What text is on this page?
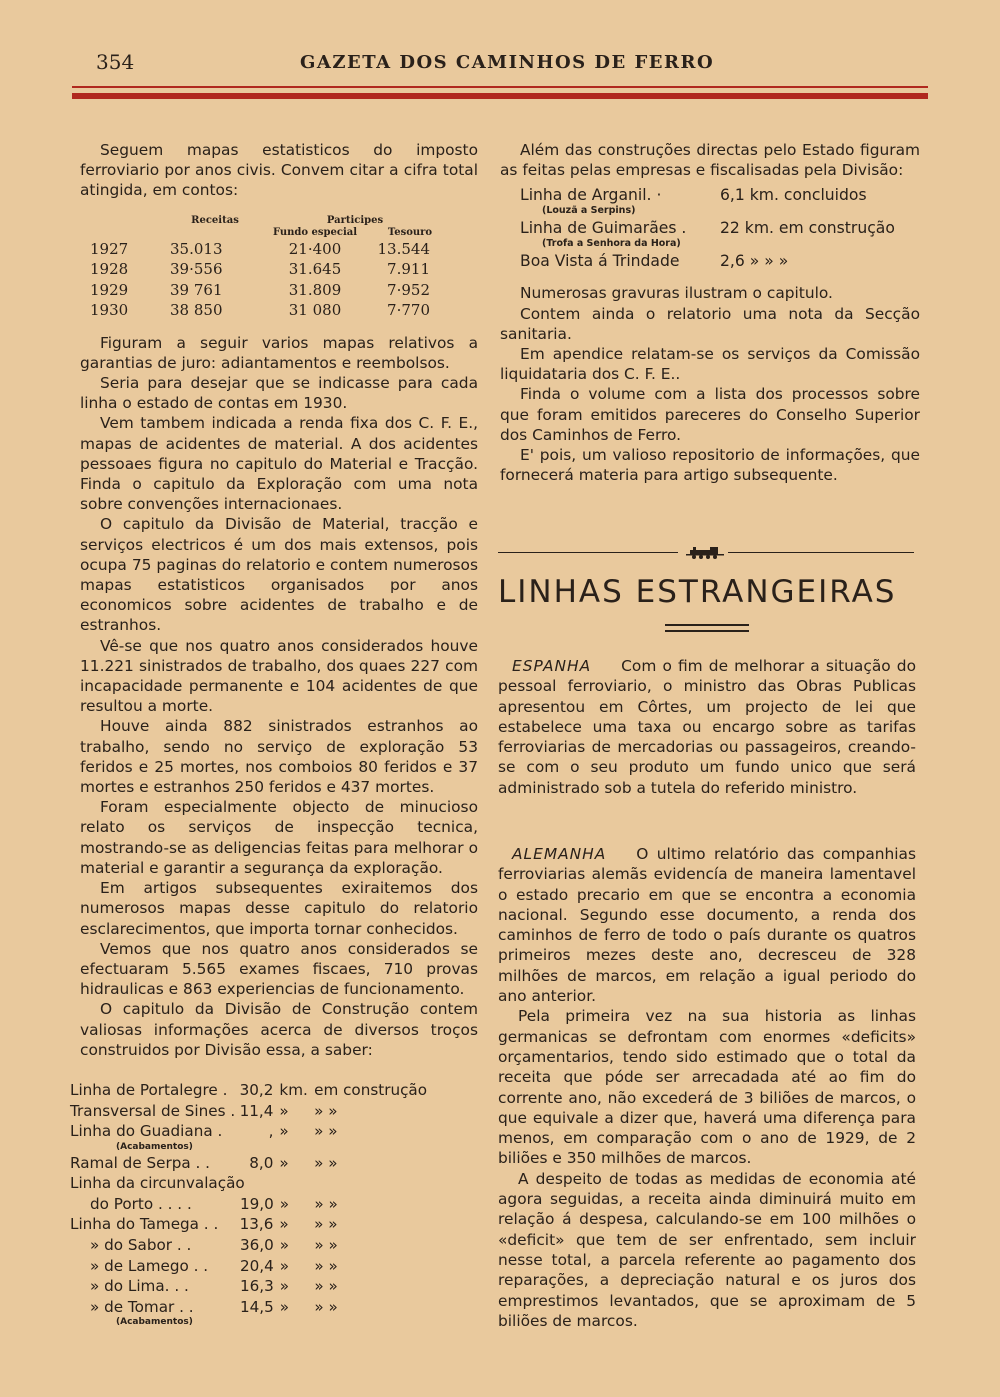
354	GAZETA DOS CAMINHOS DE FERRO

Seguem mapas estatisticos do imposto ferroviario por anos civis. Convem citar a cifra total atingida, em contos:

	Receitas	Participes	
		Fundo especial	Tesouro
1927	35.013	21·400	13.544
1928	39·556	31.645	7.911
1929	39 761	31.809	7·952
1930	38 850	31 080	7·770

Figuram a seguir varios mapas relativos a garantias de juro: adiantamentos e reembolsos.

Seria para desejar que se indicasse para cada linha o estado de contas em 1930.

Vem tambem indicada a renda fixa dos C. F. E., mapas de acidentes de material. A dos acidentes pessoaes figura no capitulo do Material e Tracção. Finda o capitulo da Exploração com uma nota sobre convenções internacionaes.

O capitulo da Divisão de Material, tracção e serviços electricos é um dos mais extensos, pois ocupa 75 paginas do relatorio e contem numerosos mapas estatisticos organisados por anos economicos sobre acidentes de trabalho e de estranhos.

Vê-se que nos quatro anos considerados houve 11.221 sinistrados de trabalho, dos quaes 227 com incapacidade permanente e 104 acidentes de que resultou a morte.

Houve ainda 882 sinistrados estranhos ao trabalho, sendo no serviço de exploração 53 feridos e 25 mortes, nos comboios 80 feridos e 37 mortes e estranhos 250 feridos e 437 mortes.

Foram especialmente objecto de minucioso relato os serviços de inspecção tecnica, mostrando-se as deligencias feitas para melhorar o material e garantir a segurança da exploração.

Em artigos subsequentes exiraitemos dos numerosos mapas desse capitulo do relatorio esclarecimentos, que importa tornar conhecidos.

Vemos que nos quatro anos considerados se efectuaram 5.565 exames fiscaes, 710 provas hidraulicas e 863 experiencias de funcionamento.

O capitulo da Divisão de Construção contem valiosas informações acerca de diversos troços construidos por Divisão essa, a saber:

Linha de Portalegre . 30,2 km. em construção
Transversal de Sines . 11,4 »	» »
Linha do Guadiana .	, »	» »
(Acabamentos)
Ramal de Serpa . .	8,0 »	» »
Linha da circunvalação
do Porto . . . .	19,0 »	» »
Linha do Tamega . .	13,6 »	» »
» do Sabor . .	36,0 »	» »
» de Lamego . .	20,4 »	» »
» do Lima. . .	16,3 »	» »
» de Tomar . .	14,5 »	» »
(Acabamentos)

Além das construções directas pelo Estado figuram as feitas pelas empresas e fiscalisadas pela Divisão:

Linha de Arganil. ·	6,1 km. concluidos
(Louzã a Serpins)
Linha de Guimarães .	22 km. em construção
(Trofa a Senhora da Hora)
Boa Vista á Trindade	2,6 » » »

Numerosas gravuras ilustram o capitulo.

Contem ainda o relatorio uma nota da Secção sanitaria.

Em apendice relatam-se os serviços da Comissão liquidataria dos C. F. E..

Finda o volume com a lista dos processos sobre que foram emitidos pareceres do Conselho Superior dos Caminhos de Ferro.

E' pois, um valioso repositorio de informações, que fornecerá materia para artigo subsequente.

LINHAS ESTRANGEIRAS

ESPANHA Com o fim de melhorar a situação do pessoal ferroviario, o ministro das Obras Publicas apresentou em Côrtes, um projecto de lei que estabelece uma taxa ou encargo sobre as tarifas ferroviarias de mercadorias ou passageiros, creando-se com o seu produto um fundo unico que será administrado sob a tutela do referido ministro.

ALEMANHA O ultimo relatório das companhias ferroviarias alemãs evidencía de maneira lamentavel o estado precario em que se encontra a economia nacional. Segundo esse documento, a renda dos caminhos de ferro de todo o país durante os quatros primeiros mezes deste ano, decresceu de 328 milhões de marcos, em relação a igual periodo do ano anterior.

Pela primeira vez na sua historia as linhas germanicas se defrontam com enormes «deficits» orçamentarios, tendo sido estimado que o total da receita que póde ser arrecadada até ao fim do corrente ano, não excederá de 3 biliões de marcos, o que equivale a dizer que, haverá uma diferença para menos, em comparação com o ano de 1929, de 2 biliões e 350 milhões de marcos.

A despeito de todas as medidas de economia até agora seguidas, a receita ainda diminuirá muito em relação á despesa, calculando-se em 100 milhões o «deficit» que tem de ser enfrentado, sem incluir nesse total, a parcela referente ao pagamento dos reparações, a depreciação natural e os juros dos emprestimos levantados, que se aproximam de 5 biliões de marcos.
